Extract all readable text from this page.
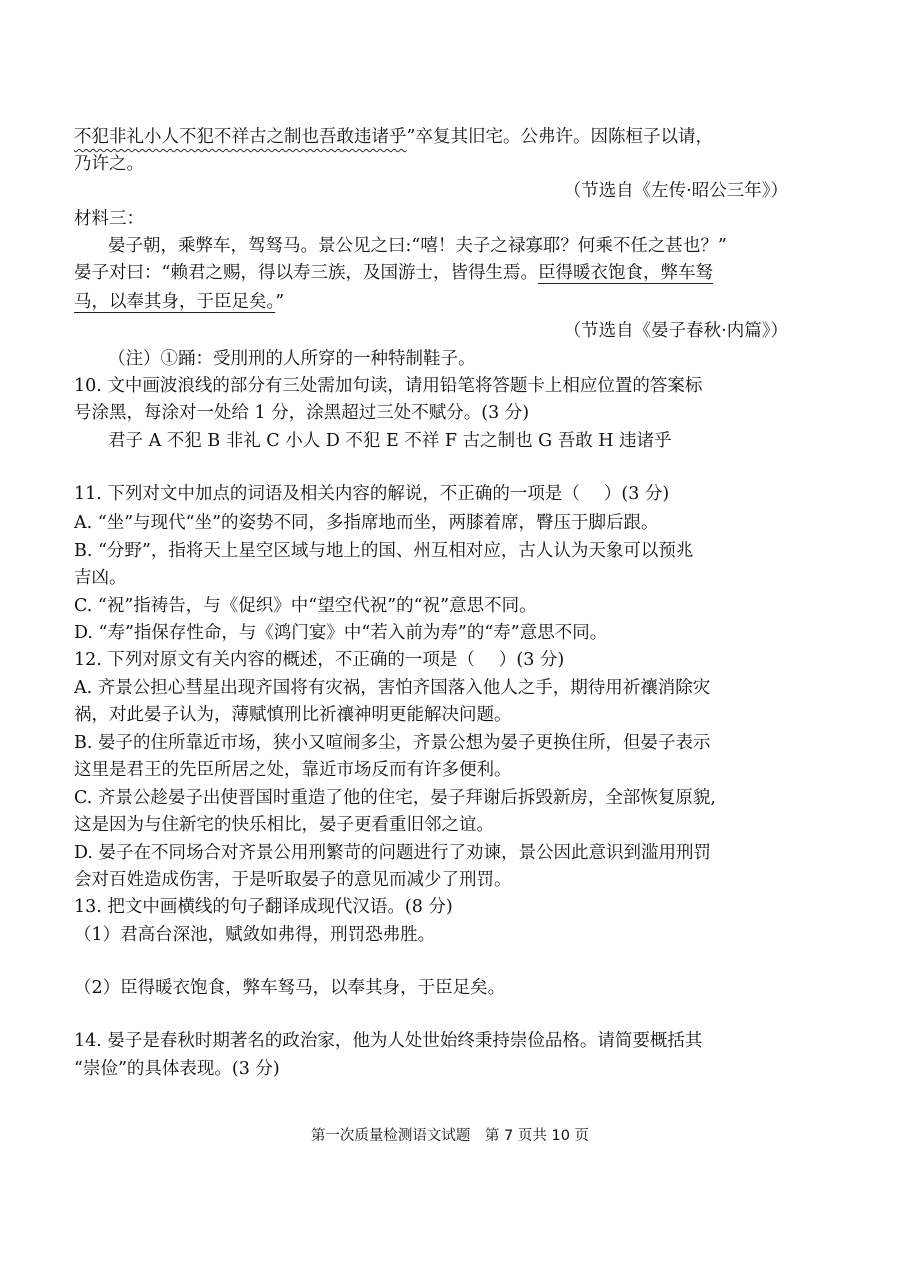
不犯非礼小人不犯不祥古之制也吾敢违诸乎”卒复其旧宅。公弗许。因陈桓子以请，
乃许之。
（节选自《左传·昭公三年》）
材料三：
晏子朝，乘弊车，驾驽马。景公见之曰:“嘻！夫子之禄寡耶？何乘不任之甚也？”
晏子对曰：“赖君之赐，得以寿三族，及国游士，皆得生焉。臣得暖衣饱食，弊车驽
马，以奉其身，于臣足矣。”
（节选自《晏子春秋·内篇》）
（注）①踊：受刖刑的人所穿的一种特制鞋子。
10. 文中画波浪线的部分有三处需加句读，请用铅笔将答题卡上相应位置的答案标
号涂黑，每涂对一处给 1 分，涂黑超过三处不赋分。(3 分)
君子 A 不犯 B 非礼 C 小人 D 不犯 E 不祥 F 古之制也 G 吾敢 H 违诸乎
11. 下列对文中加点的词语及相关内容的解说，不正确的一项是（ ）(3 分)
A. “坐”与现代“坐”的姿势不同，多指席地而坐，两膝着席，臀压于脚后跟。
B. “分野”，指将天上星空区域与地上的国、州互相对应，古人认为天象可以预兆
吉凶。
C. “祝”指祷告，与《促织》中“望空代祝”的“祝”意思不同。
D. “寿”指保存性命，与《鸿门宴》中“若入前为寿”的“寿”意思不同。
12. 下列对原文有关内容的概述，不正确的一项是（ ）(3 分)
A. 齐景公担心彗星出现齐国将有灾祸，害怕齐国落入他人之手，期待用祈禳消除灾
祸，对此晏子认为，薄赋慎刑比祈禳神明更能解决问题。
B. 晏子的住所靠近市场，狭小又喧闹多尘，齐景公想为晏子更换住所，但晏子表示
这里是君王的先臣所居之处，靠近市场反而有许多便利。
C. 齐景公趁晏子出使晋国时重造了他的住宅，晏子拜谢后拆毁新房，全部恢复原貌,
这是因为与住新宅的快乐相比，晏子更看重旧邻之谊。
D. 晏子在不同场合对齐景公用刑繁苛的问题进行了劝谏，景公因此意识到滥用刑罚
会对百姓造成伤害，于是听取晏子的意见而减少了刑罚。
13. 把文中画横线的句子翻译成现代汉语。(8 分)
（1）君高台深池，赋敛如弗得，刑罚恐弗胜。
（2）臣得暖衣饱食，弊车驽马，以奉其身，于臣足矣。
14. 晏子是春秋时期著名的政治家，他为人处世始终秉持崇俭品格。请简要概括其
“崇俭”的具体表现。(3 分)
第一次质量检测语文试题　第 7 页共 10 页
